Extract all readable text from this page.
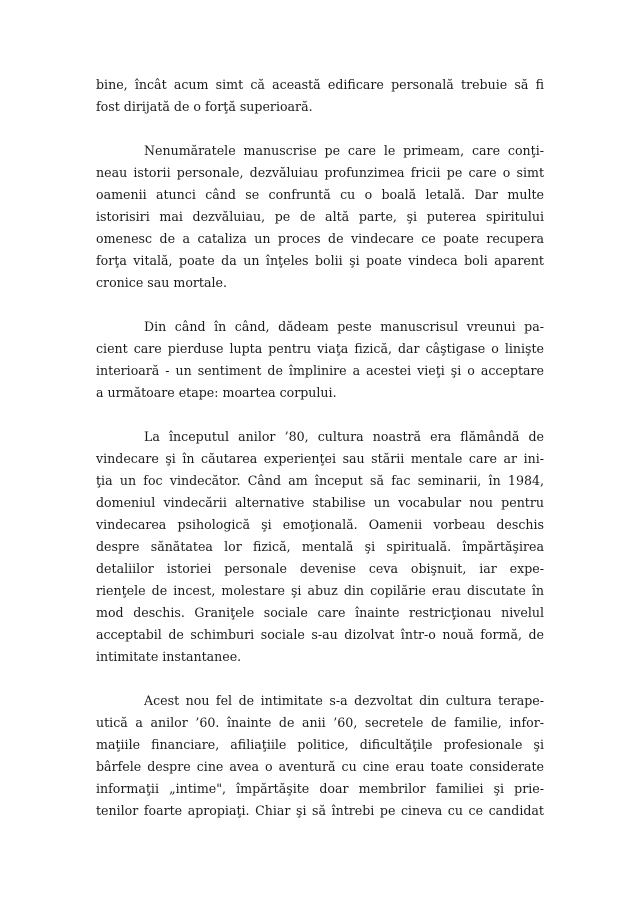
bine, încât acum simt că această edificare personală trebuie să fi
fost dirijată de o forţă superioară.

Nenumăratele manuscrise pe care le primeam, care conţi-
neau istorii personale, dezvăluiau profunzimea fricii pe care o simt
oamenii atunci când se confruntă cu o boală letală. Dar multe
istorisiri mai dezvăluiau, pe de altă parte, şi puterea spiritului
omenesc de a cataliza un proces de vindecare ce poate recupera
forţa vitală, poate da un înţeles bolii şi poate vindeca boli aparent
cronice sau mortale.

Din când în când, dădeam peste manuscrisul vreunui pa-
cient care pierduse lupta pentru viaţa fizică, dar câştigase o linişte
interioară - un sentiment de împlinire a acestei vieţi şi o acceptare
a următoare etape: moartea corpului.

La începutul anilor ’80, cultura noastră era flămândă de
vindecare şi în căutarea experienţei sau stării mentale care ar ini-
ţia un foc vindecător. Când am început să fac seminarii, în 1984,
domeniul vindecării alternative stabilise un vocabular nou pentru
vindecarea psihologică şi emoţională. Oamenii vorbeau deschis
despre sănătatea lor fizică, mentală şi spirituală. împărtăşirea
detaliilor istoriei personale devenise ceva obişnuit, iar expe-
rienţele de incest, molestare şi abuz din copilărie erau discutate în
mod deschis. Graniţele sociale care înainte restricţionau nivelul
acceptabil de schimburi sociale s-au dizolvat într-o nouă formă, de
intimitate instantanee.

Acest nou fel de intimitate s-a dezvoltat din cultura terape-
utică a anilor ’60. înainte de anii ’60, secretele de familie, infor-
maţiile financiare, afiliaţiile politice, dificultăţile profesionale şi
bârfele despre cine avea o aventură cu cine erau toate considerate
informaţii „intime", împărtăşite doar membrilor familiei şi prie-
tenilor foarte apropiaţi. Chiar şi să întrebi pe cineva cu ce candidat
